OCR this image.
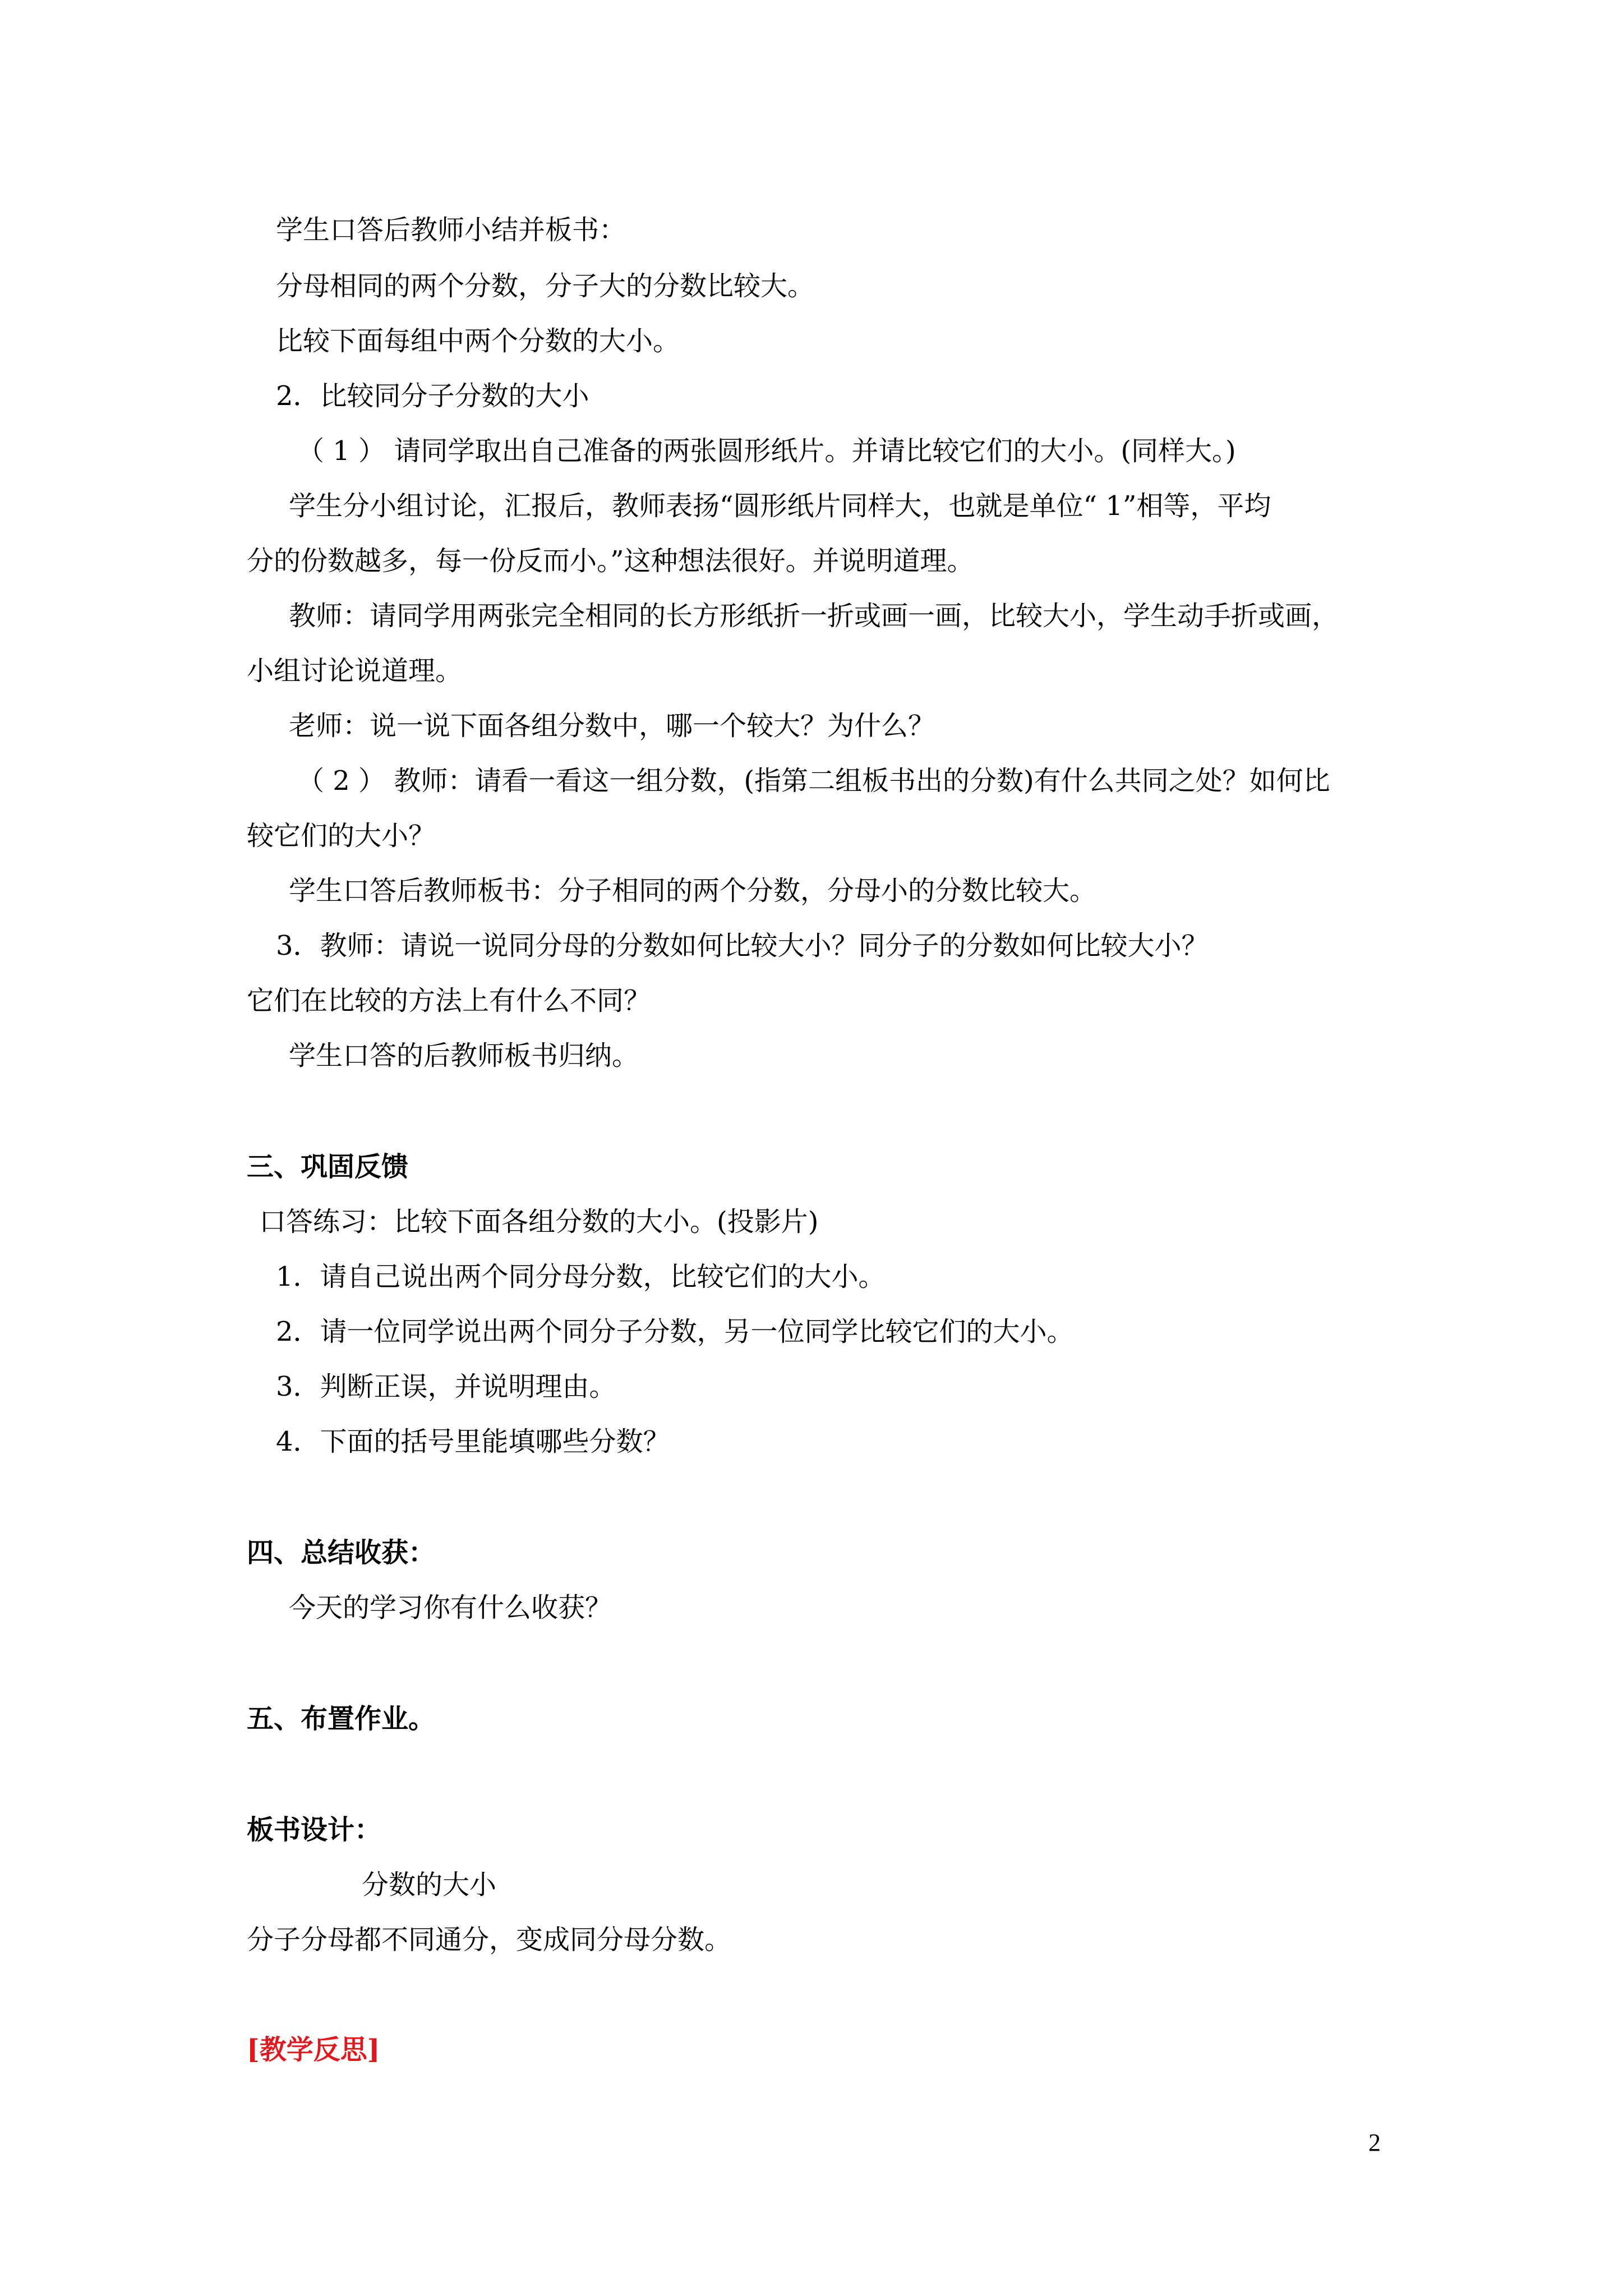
学生口答后教师小结并板书：
分母相同的两个分数，分子大的分数比较大。
比较下面每组中两个分数的大小。
2．比较同分子分数的大小
（ 1 ） 请同学取出自己准备的两张圆形纸片。并请比较它们的大小。(同样大。)
学生分小组讨论，汇报后，教师表扬“圆形纸片同样大，也就是单位“ 1”相等，平均
分的份数越多，每一份反而小。”这种想法很好。并说明道理。
教师：请同学用两张完全相同的长方形纸折一折或画一画，比较大小，学生动手折或画，
小组讨论说道理。
老师：说一说下面各组分数中，哪一个较大？为什么？
（ 2 ） 教师：请看一看这一组分数，(指第二组板书出的分数)有什么共同之处？如何比
较它们的大小？
学生口答后教师板书：分子相同的两个分数，分母小的分数比较大。
3．教师：请说一说同分母的分数如何比较大小？同分子的分数如何比较大小？
它们在比较的方法上有什么不同？
学生口答的后教师板书归纳。
三、巩固反馈
口答练习：比较下面各组分数的大小。(投影片)
1．请自己说出两个同分母分数，比较它们的大小。
2．请一位同学说出两个同分子分数，另一位同学比较它们的大小。
3．判断正误，并说明理由。
4．下面的括号里能填哪些分数？
四、总结收获：
今天的学习你有什么收获？
五、布置作业。
板书设计：
分数的大小
分子分母都不同通分，变成同分母分数。
[教学反思]
2
